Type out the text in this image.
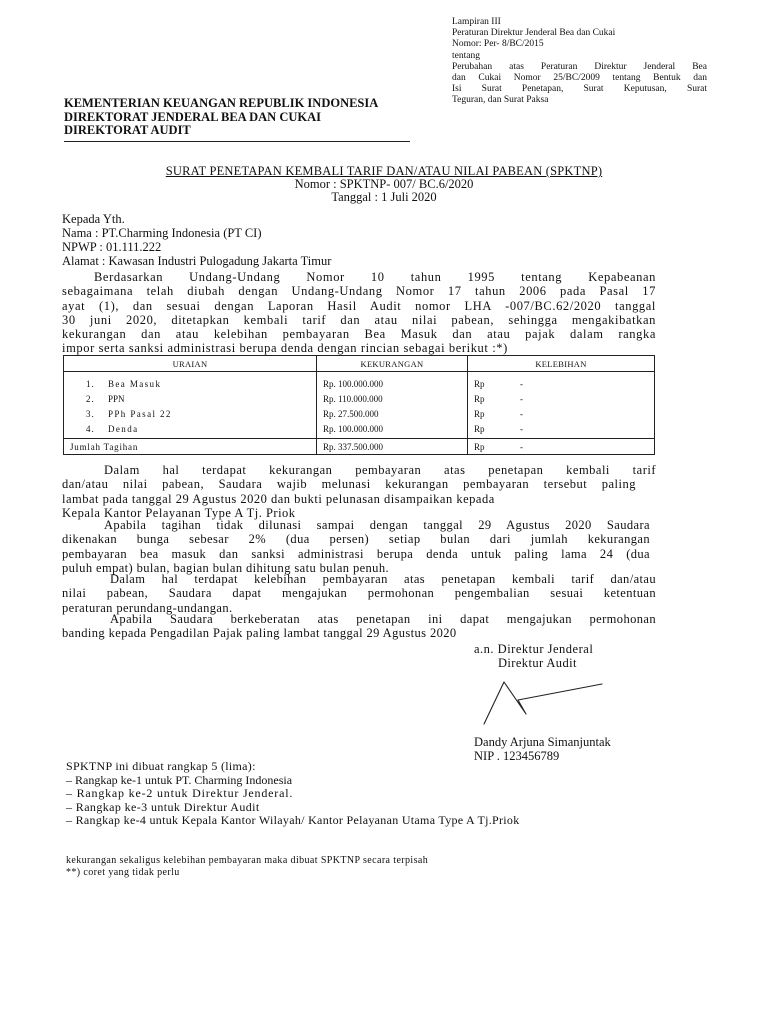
Lampiran III
Peraturan Direktur Jenderal Bea dan Cukai
Nomor: Per- 8/BC/2015
tentang
Perubahan atas Peraturan Direktur Jenderal Bea
dan Cukai Nomor 25/BC/2009 tentang Bentuk dan
Isi Surat Penetapan, Surat Keputusan, Surat
Teguran, dan Surat Paksa
KEMENTERIAN KEUANGAN REPUBLIK INDONESIA
DIREKTORAT JENDERAL BEA DAN CUKAI
DIREKTORAT AUDIT
SURAT PENETAPAN KEMBALI TARIF DAN/ATAU NILAI PABEAN (SPKTNP)
Nomor : SPKTNP- 007/ BC.6/2020
Tanggal : 1 Juli 2020
Kepada Yth.
Nama : PT.Charming Indonesia (PT CI)
NPWP : 01.111.222
Alamat : Kawasan Industri Pulogadung Jakarta Timur
Berdasarkan Undang-Undang Nomor 10 tahun 1995 tentang Kepabeanan
sebagaimana telah diubah dengan Undang-Undang Nomor 17 tahun 2006 pada Pasal 17
ayat (1), dan sesuai dengan Laporan Hasil Audit nomor LHA -007/BC.62/2020 tanggal
30 juni 2020, ditetapkan kembali tarif dan atau nilai pabean, sehingga mengakibatkan
kekurangan dan atau kelebihan pembayaran Bea Masuk dan atau pajak dalam rangka
impor serta sanksi administrasi berupa denda dengan rincian sebagai berikut :*)
URAIAN	KEKURANGAN	KELEBIHAN
1. Bea Masuk	Rp. 100.000.000	Rp -
2. PPN	Rp. 110.000.000	Rp -
3. PPh Pasal 22	Rp. 27.500.000	Rp -
4. Denda	Rp. 100.000.000	Rp -
Jumlah Tagihan	Rp. 337.500.000	Rp -
Dalam hal terdapat kekurangan pembayaran atas penetapan kembali tarif
dan/atau nilai pabean, Saudara wajib melunasi kekurangan pembayaran tersebut paling
lambat pada tanggal 29 Agustus 2020 dan bukti pelunasan disampaikan kepada
Kepala Kantor Pelayanan Type A Tj. Priok
Apabila tagihan tidak dilunasi sampai dengan tanggal 29 Agustus 2020 Saudara
dikenakan bunga sebesar 2% (dua persen) setiap bulan dari jumlah kekurangan
pembayaran bea masuk dan sanksi administrasi berupa denda untuk paling lama 24 (dua
puluh empat) bulan, bagian bulan dihitung satu bulan penuh.
Dalam hal terdapat kelebihan pembayaran atas penetapan kembali tarif dan/atau
nilai pabean, Saudara dapat mengajukan permohonan pengembalian sesuai ketentuan
peraturan perundang-undangan.
Apabila Saudara berkeberatan atas penetapan ini dapat mengajukan permohonan
banding kepada Pengadilan Pajak paling lambat tanggal 29 Agustus 2020
a.n. Direktur Jenderal
Direktur Audit
Dandy Arjuna Simanjuntak
NIP . 123456789
SPKTNP ini dibuat rangkap 5 (lima):
– Rangkap ke-1 untuk PT. Charming Indonesia
– Rangkap ke-2 untuk Direktur Jenderal.
– Rangkap ke-3 untuk Direktur Audit
– Rangkap ke-4 untuk Kepala Kantor Wilayah/ Kantor Pelayanan Utama Type A Tj.Priok
kekurangan sekaligus kelebihan pembayaran maka dibuat SPKTNP secara terpisah
**) coret yang tidak perlu
